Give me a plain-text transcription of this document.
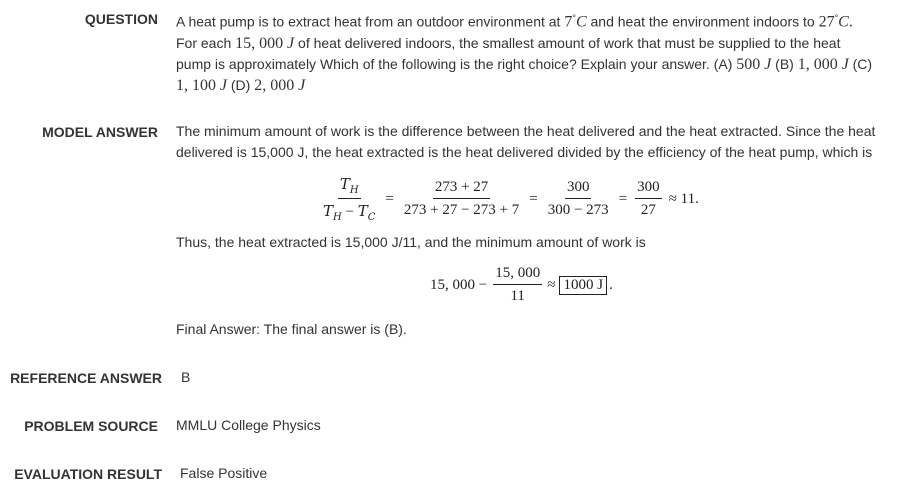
QUESTION A heat pump is to extract heat from an outdoor environment at 7°C and heat the environment indoors to 27°C.
For each 15, 000 J of heat delivered indoors, the smallest amount of work that must be supplied to the heat
pump is approximately Which of the following is the right choice? Explain your answer. (A) 500 J (B) 1, 000 J (C)
1, 100 J (D) 2, 000 J
MODEL ANSWER The minimum amount of work is the difference between the heat delivered and the heat extracted. Since the heat
delivered is 15,000 J, the heat extracted is the heat delivered divided by the efficiency of the heat pump, which is
$\frac{T_H}{T_H - T_C} = \frac{273 + 27}{273 + 27 - 273 + 7} = \frac{300}{300 - 273} = \frac{300}{27} \approx 11$.
Thus, the heat extracted is 15,000 J/11, and the minimum amount of work is
15, $000 - \frac{15, 000}{11} \approx 1000$ J .
Final Answer: The final answer is (B).
REFERENCE ANSWER B
PROBLEM SOURCE MMLU College Physics
EVALUATION RESULT False Positive
